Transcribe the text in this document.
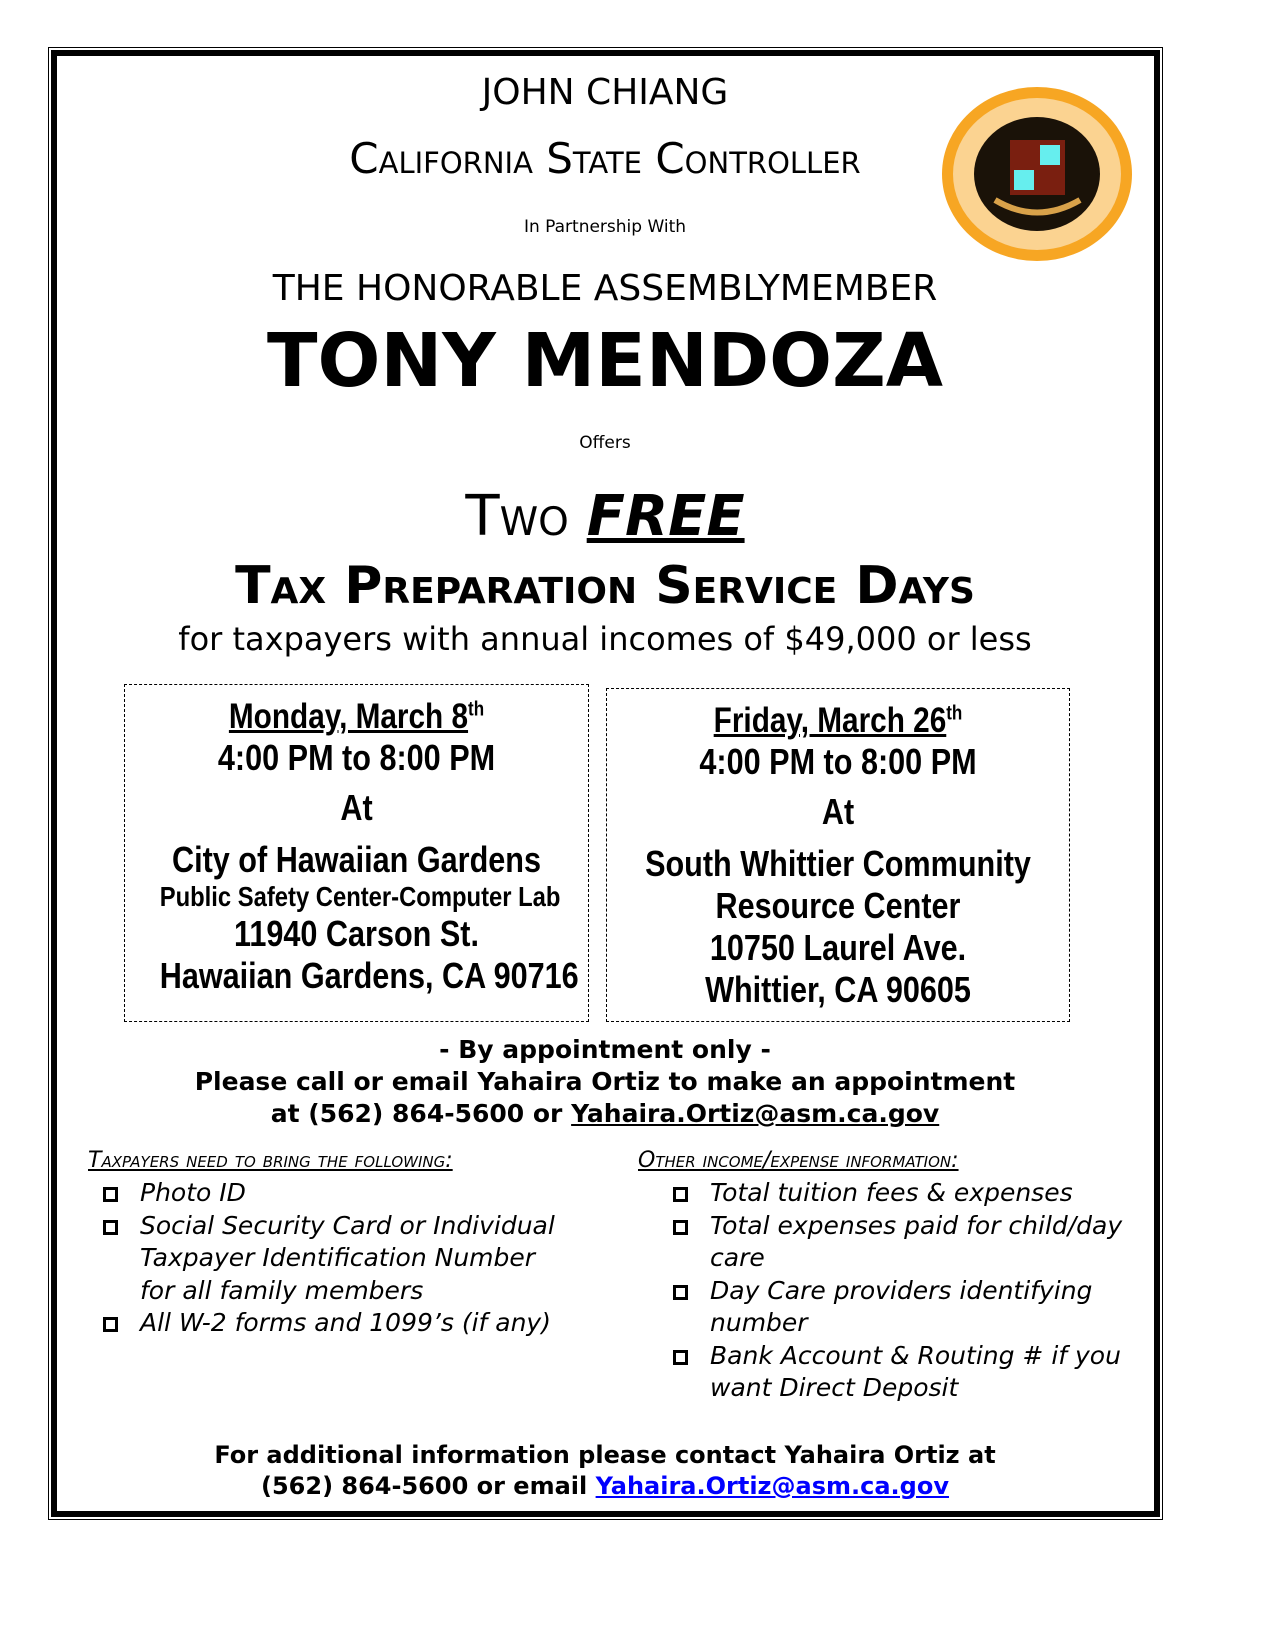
JOHN CHIANG
California State Controller
In Partnership With
THE HONORABLE ASSEMBLYMEMBER
TONY MENDOZA
Offers
Two FREE
Tax Preparation Service Days
for taxpayers with annual incomes of $49,000 or less
Monday, March 8th
4:00 PM to 8:00 PM
At
City of Hawaiian Gardens
Public Safety Center-Computer Lab
11940 Carson St.
Hawaiian Gardens, CA 90716
Friday, March 26th
4:00 PM to 8:00 PM
At
South Whittier Community
Resource Center
10750 Laurel Ave.
Whittier, CA 90605
- By appointment only -
Please call or email Yahaira Ortiz to make an appointment
at (562) 864-5600 or Yahaira.Ortiz@asm.ca.gov
Taxpayers need to bring the following:
Photo ID
Social Security Card or Individual Taxpayer Identification Number for all family members
All W-2 forms and 1099’s (if any)
Other income/expense information:
Total tuition fees & expenses
Total expenses paid for child/day care
Day Care providers identifying number
Bank Account & Routing # if you want Direct Deposit
For additional information please contact Yahaira Ortiz at
(562) 864-5600 or email Yahaira.Ortiz@asm.ca.gov
